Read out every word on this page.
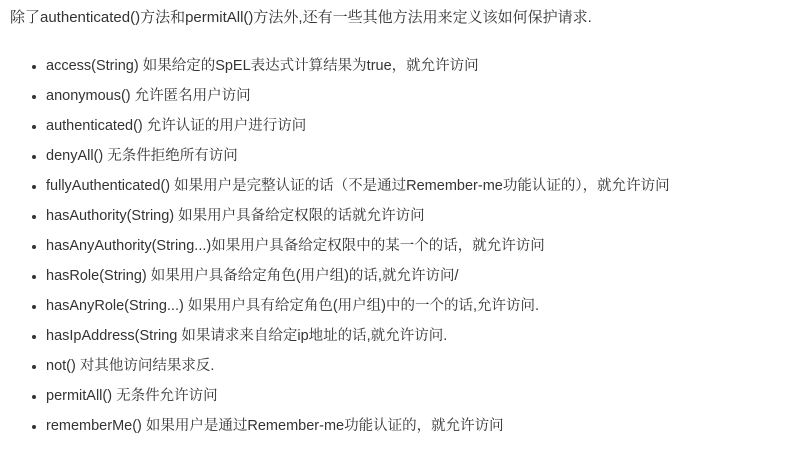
除了authenticated()方法和permitAll()方法外,还有一些其他方法用来定义该如何保护请求.

• access(String) 如果给定的SpEL表达式计算结果为true，就允许访问
• anonymous() 允许匿名用户访问
• authenticated() 允许认证的用户进行访问
• denyAll() 无条件拒绝所有访问
• fullyAuthenticated() 如果用户是完整认证的话（不是通过Remember-me功能认证的），就允许访问
• hasAuthority(String) 如果用户具备给定权限的话就允许访问
• hasAnyAuthority(String...)如果用户具备给定权限中的某一个的话，就允许访问
• hasRole(String) 如果用户具备给定角色(用户组)的话,就允许访问/
• hasAnyRole(String...) 如果用户具有给定角色(用户组)中的一个的话,允许访问.
• hasIpAddress(String 如果请求来自给定ip地址的话,就允许访问.
• not() 对其他访问结果求反.
• permitAll() 无条件允许访问
• rememberMe() 如果用户是通过Remember-me功能认证的，就允许访问
